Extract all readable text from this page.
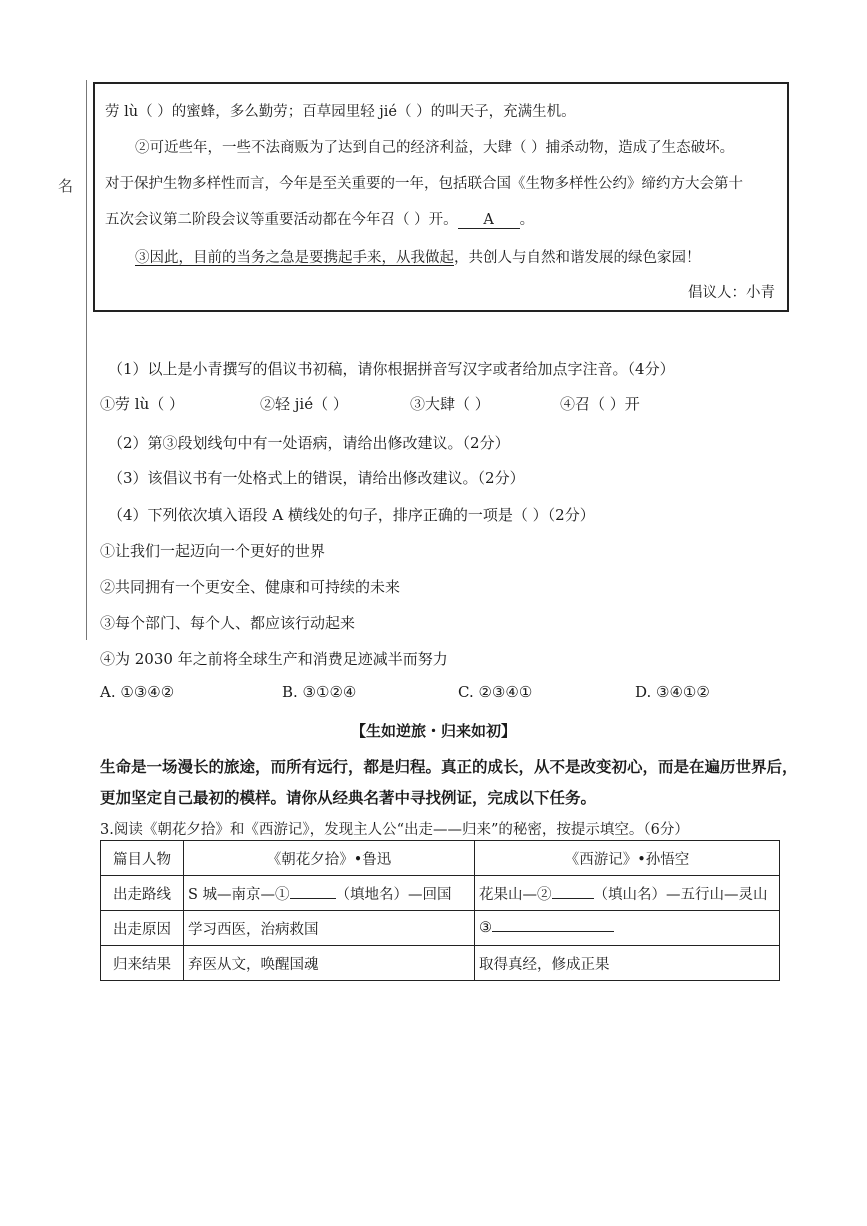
名
劳 lù（ ）的蜜蜂，多么勤劳；百草园里轻 jié（ ）的叫天子，充满生机。
②可近些年，一些不法商贩为了达到自己的经济利益，大肆（ ）捕杀动物，造成了生态破坏。
对于保护生物多样性而言，今年是至关重要的一年，包括联合国《生物多样性公约》缔约方大会第十
五次会议第二阶段会议等重要活动都在今年召（ ）开。 A 。
③因此，目前的当务之急是要携起手来，从我做起，共创人与自然和谐发展的绿色家园！
倡议人：小青
（1）以上是小青撰写的倡议书初稿，请你根据拼音写汉字或者给加点字注音。（4分）
①劳 lù（ ）	②轻 jié（ ）	③大肆（ ）	④召（ ）开
（2）第③段划线句中有一处语病，请给出修改建议。（2分）
（3）该倡议书有一处格式上的错误，请给出修改建议。（2分）
（4）下列依次填入语段 A 横线处的句子，排序正确的一项是（ ）（2分）
①让我们一起迈向一个更好的世界
②共同拥有一个更安全、健康和可持续的未来
③每个部门、每个人、都应该行动起来
④为 2030 年之前将全球生产和消费足迹减半而努力
A. ①③④②	B. ③①②④	C. ②③④①	D. ③④①②
【生如逆旅・归来如初】
生命是一场漫长的旅途，而所有远行，都是归程。真正的成长，从不是改变初心，而是在遍历世界后，
更加坚定自己最初的模样。请你从经典名著中寻找例证，完成以下任务。
3.阅读《朝花夕拾》和《西游记》，发现主人公“出走——归来”的秘密，按提示填空。（6分）
篇目人物	《朝花夕拾》•鲁迅	《西游记》•孙悟空
出走路线	S 城—南京—① （填地名）—回国	花果山—② （填山名）—五行山—灵山
出走原因	学习西医，治病救国	③
归来结果	弃医从文，唤醒国魂	取得真经，修成正果
